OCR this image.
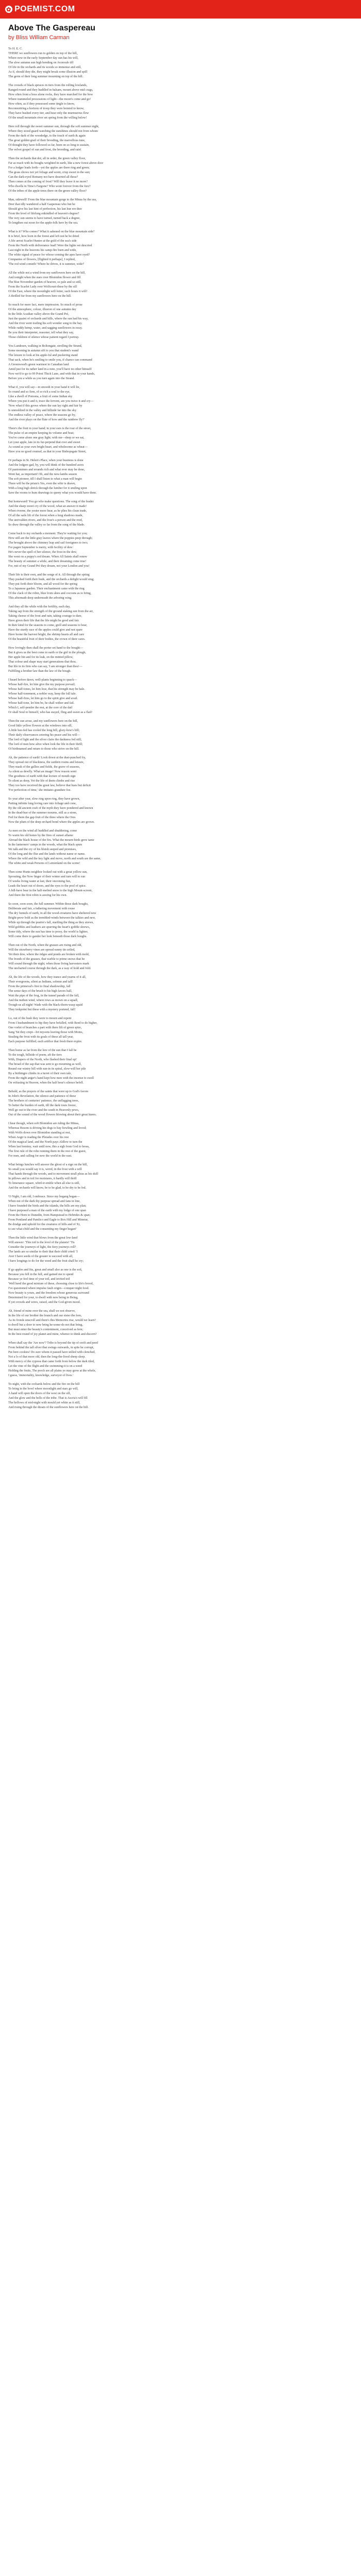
✿ POEMIST.COM
Above The Gaspereau
by Bliss William Carman
To H. E. C.
THERE we sunflowers run to golden on top of the hill,
Where now in the early September day sun has his will,
The slow autumn sun high bending on Avonvale till
Of life in the orchards and its woods so immense and still,
As if, should they die, they might break some illusion and spill
The germ of their long summer mourning on top of the hill.
The crowds of black spruces in tiers from the rolling lowlands,
Ranged round and they huddled in balsam, mount above mid crags,
How often from a boss alone rocks, they have marched for the bow
Where trammeled processions of light—the moon's come and go!
How often, as if they possessed some tingle to know,
Reconnoitring a horizon of troop they were hoisted to know,
They have hushed every tier, and hear only the murmurous flow
Of the small mountain river set spring from the willing below!
Here roll through the sweet summer sun, through the soft summer night,
Where they stood guard watching the sunshines should not from whom
From the dark of the woodedge, to the touch of earth & again
The great golden grail of their brooding, the marvellous tune,
Of thought they have followed so far, been on so long to sustain,
The velvet gospel of sun and frost, the brooding, and rain!
Then the orchards that dot, all in order, the green valley floor,
Far as reach with its boughs weighted in earth, like a new forest above door
For a lodger leads forth—yet the apples are there ring and green;
The grass shows not yet foliage and scent, crisp sweet in the sun;
Can the dark-eyed Romany not have deserted all these?
Then comes at the coming of frost? Will they leave it no more?
Who dwells in Time's Fargone? Who wont forever from the fore?
Of the tribes of the apple-trees there on the green valley floor?
Man, sidewell! From the blue mountain gorge to the Minas by the sea,
Deer that idly wandered a half Gaspereau who but he
Should give his last hint of perfection, his last hue ere thee
From the level of lifelong enkindled of heaven's degree?
The very sun seems to have turned, turned back a degree,
To lengthen out noon for the apple-folk here by the sea.
What is it? Who comes? What it sakened on the blue mountain side?
It is brief, how born in the forest and left not he be dried
A life arrest Scarlet Hunter at the gold of the sea's side
From the North with deliverance lead! Were the lights we descried
Last night in the heavens his camp-fire burn and wide,
The white signal of peace for whose coming the apes have eyed?
Companies of flowers, [flighted it perhaps], I replied,
'The red wind cometh! Where he drives, it is summer, wide!'
All the while not a wind from my sunflowers here on the hill,
And tonight when the stars over Blomidon flower and fill
The blue November garden of heaven, so pale and so still,
From the Scarlet Lady over Wolfcourt-these by the sill
Of the East, where the moonlight will loiter, such hours it will!
A thrilled fur from my sunflowers here on the hill.
So much for mere fact, mere impression. So much of prose
Of the atmosphere, colour, illusion of one autumn day
In the little Acadian valley above the Grand Pré,
Just the quaint of orchards and hills, where the sun had his way,
And the river went trailing his soft wonder song to the bay.
While ruddy hemp, water, and sagging sunflowers in sway.
Be you their interpreter, reasoner, tell what they say,
Those children of silence whose patient regard I portray.
You Landesen, walking in Boltongate, strolling the Strand,
Some morning in autumn sift to you that student's wand
The leisure to look at his apple-ful and puckering stand
That sack, when he's smiling to smile you, if chance can command
A Greenwood's green warmest in Canadian land
Amid just for its rather land in a note, you'll have no other himself
Now we'd to go to 99 Priest Thick Lane, and with that in your hands,
Before you a while as you turn again into the Strand.
What if, you will say—in smooth in your hand it will lie,
So round and so firm, of so rich a soul to the eye,
Like a dwell of Pomona, a fruit of some Indian sky
Where you put it and it, trace the fervent, are you twice it and cry—
'Now what if this grows where the sun lay right and fair by
Is unmoldred in the valley and hillside far into the sky
The endless valley of peace, where the seasons go by,
And the river plays on the flute of how and the rainbow fly?'
There's the fruit in your hand; in your ears is the roar of the street,
The pulse of an empire keeping its volume and beat;
You've come alone one gray light; with me—deep or we eat,
Let your apple, late in its fur-perpend that ever and sweet
As sound as your own bright heart, and wholesome as wheat—
Have you no good counsel, as that in your Bishopsgate Street,
Or perhaps in St. Helen's Place, when your business is done
And the lodgers gad, by, you will think of the hundred acres
Of pantomimes and errands rich and what ever may be done,
Wont hat, as important! Oh, and the new-lambs season
The soft pioneer, till I shall listen to what a man will begin
There will be the prism's Yes, even the whir is drawn,
With a long high shrick through the lumber for it smiling upon
Save the rooms to hum drawings to queny what you would have done.
But homeward! You go who make questions. The song of the leader
And the sharp sweet cry of the wood, what an answer it made!
When riverne, the yester more hear, as he plies his clean trade,
Of all the sails lift of the forest when a long shadows made,
The unrivalden rivers, and the frost's a person and the reed,
So draw through the valley so far from the song of the blade.
Come back to my orchards a moment. They're waiting for you;
How still are the little gray leaves where the poppies peep through;
The brought above the chimney leap and sail foreigners to two;
For pagen September is merry, with fecility of dew:
He's never the spell of her silence, the frost in the dew,
She went on a poppy's red dream. When All Saints shall renew
The beauty of summer a while, and their dreaming come true!
For, mit of my Grand Pré they dream, not your London and you!
Their life is their own, and the songs of it. All through the spring
They pushed forth their buds, and the orchards a delight would sing;
They put forth their bloom, and all wood for the spring
To a Japanese garden. Their enchantment came with the ring
Of the clack of the robin, blue from skies and cocoons as to bring,
This aftermath deep underneath the arboring wing.
And they all the while with the fertility, each day,
Taking sap from the strength of the ground staking sun from the air,
Taking cheese of the frost and rain, taking courage to dare,
Have given their life that the life might be good and fair.
In their kind for the seasons to come, grell and seasons to bear,
Have the sturdy race of the apples could give and not spare
Have borne the harvest bright, the shrimp hearts all and care
Of the beautiful fruit of their bodies, the crown of their cares.
How lovingly then shall the porter set hand to the bought—
But it gives us the best come to earth or the girl in the plough,
Her apple bin and for its leak, on the minted pillow,
That colour and shape may start generations that thou.
But life in its firm who can say, 'I am stronger than thou'—
Fulfilling a brother law than the law of the bough.
I heard before dawn, well-plants beginning to quack—
Whose half-fire, let him give the my purpose prevail;
Whose half-tones, let him lose, that his strength may be hale.
Whose half-tonement, a nobler way, keep the full tale.
Whose half-fires, let him go to the spirit give and avail.
Whose half-tone, let him be, he shall wither and fail.
Which I, self-pendre the rest, at the core of the dail
Or shall Soul to himself, who has stayed, fling and sweet as a flail!
Then the sun arose, and my sunflowers here on the hill,
Good little yellow flowers at the windows into sill,
A little bee-fed has cooled the long hill, glory-bow's bill;
Their daily observances cetering his peace and his will—
The lord of light and the silver clairs the darkness fed still,
The lord of men how alive when look the life in their thrill;
Of birthnamed and return to those who strive on the hill.
Ah, the patience of earth! Look down at the dust-punched fry,
They spread out of blackness, the surdern rosins and leisure,
They mask of the gallies and fields, the grave of seasons,
As silent as dewfly. What an image! Now reason went
The goodness of earth with that lecture of mouth sign
To silent as deep, Yet the life of them climbs and rise
They too have received the great law, believe that hues but deficit
'For perfection of time,' she imitates grandure foe.
So year after year, slow ring upon ring, they have grown,
Putting infinite long loving care into foliage and cone,
By the old ancient craft of the myth they have pondered and known
In the dead-hue of the summer mourns, still as a stone,
Fed for them the gap fruit of the three where the Ores
Now the plum of the deep orchard bond where the apples are grown.
As men on the wind all huddled and shuddering, come
To warm his old bones by the fires of sunset aflame
Abroad the black house of the firs. What the mourn-birds grew tame
In the lanterners' camps in the woods, what the black spurs
We talk and the cry of his bluish seeped and promises,
Of the long and the flue and the lands without name or name.
Where the wild and the key light and move, north and south are the same,
The white and weak Persons of Lemonland on the scene!
Then some Hunts neighbor looked out with a great yellow sun,
Sprouting, the Now finger of their winter and turn will to run
Of weeks living water at last, their oncoming fun,
Leads the heart out of doors, and the eyes to the pool of spice.
A hill-have bear in the half-melted snow to the high Mount-screen,
And there the first robin is aswing for his own.
So soon, soon soon, the full summer. Within those dark boughs,
Deliberate and fair, a fathering movement with rouse
The dry funnels of earth, in all the wood-creatures have sheltered new
Bright-prow bold as the trembled-winds between the talkies and new,
While up through the prairie's fall, startling the thing as they strews,
Wild gobbles and leathers are spurring the heart's gobble shrews,
Some tidy, where the sun has time to prosy, the world is lighter,
Will come there to gander her look beneath those dark boughs.
Then out of the North, when the grasses are rising and old,
Will the strawberry vines are spread sunny tin ceiled,
Yet their dew, where the ridges and ponds are broken with mold,
The fronds of the grasses, that warble to prime snows that be
Will sound through the night, when those living harvesters mark
The uncharted course through the dark, as a way of hold and fold.
Ah, the life of the woods, how they trance and yearns of it all,
Their evergreens, silent as Indians, solemn and tall!
From the primeval's first to final shadowship, fall
The sense days of the brush to his high favors hall,
Wait the pipe of the frog, in the tunnel parade of the fall,
And the nuthen wind, where rows as mown on a squall,
Trough-us all night! Wade with the black-thorn-wasp squid
They trekpoint but these with a mystery portend, fall!
Lo, out of the hush they were to mourn and repent
From I husbandment to hip they have befalled, with Reed to do higher,
One vorlet of branches a part with there lift of green spire,
Sang 'Sit they crept—bri mysons leaving those with Moms,
Stealing the frost with its goals of these all tall year,
Each purpose fulfilled, each artifice that fresh there expire.
Then home as far from the lore of the sun that I fall be
To the tough, hillside of poem, aft the tiers
With, Diapers of the North, who flashed their final up!
The bread of the sap that was sent to go mourning as well,
Round our wintry hill with sun-in its spiral, slow-will her pile
By a birthingre climbs in a turret of their own tale,
From the night anger's hand kept how men with the incense to swell
On wtfusting in Heaven, when the half hour's silence befell.
Behold, as the prayers of the saints that were up to God's favors
In John's Revelation, the silence and patience of these
The brothers of centuries' patience, the unflagging trees,
To better the burden of earth, till the dark tours freeze,
Well go out to the river and the south in Heavenly pews,
Out of the sound of the wood flowers blowing about their great knees.
I hear though, when soft Blomidon are ruling the Minas,
Whereas Bosom is driving his dogs to bay howling and loved;
With Wolfs down over Blomidon standing at rest,
When Aegir is reading the Pleiades over his rest
Of the magical land, and the North pays Aldlow to turn the
When last hominy, wait until now, this a sigh from God to breas,
The first rule of the robe running them in the rest of the guest,
For men, and calling for now the world in the east.
What brings lunches will answer the ghost of a sign on the hill,
So small you would say it is, weird, in the frost with a will
That hands through the woods, and to movement strall pleas as his skill
In pillows and in toil for moistures, it hardly will thrill
To limerance square, whrtl-tr-emble when all else is still,
And the orchards will know, be to be glad, to be dry to be fed.
'O Night, I am old, I embrace. Since my begang began—
When not of the dark thy purpose spread and fans in line,
I have founded the birds and the islands, the hills are my plan;
I have purposed a man of the earth with my lodge of one span
From the Horn to Dunedin, from Hampstead to Hebrides & span;
From Pentland and Pamlico and Eagle to Box Hill and Minetur,
Be drudge and uphold for the creatures of hills and of Xi,
to see what child and the consenting my finger began!'
Then the little wind that blows from the great low-land
Will answer: 'This toil is the level of the planets! 'Tis
Consider the journeys of light, the fiery journeys roll?
The lands are so similar to their that their child cried: 'I
Aver I have seeds of the greater to succeed with all,
I have longings to do for the weed and the fruit shall he cry;
If go apples and fits, great and small also as one is the soil,
Because you fell in the full, and gained me to spend
Because ye feel time of your toil, and invited toil
'Well heed the good mixture of these, choosing close to life's brood,
I've questioned where impulse fault origin—conquer night food.
Now beauty is yours, and the freedom whose generous surround
Determined for your, to dwell with new being in Being,
If yet crowds and wires, raised, and the God-given mood.
Ah, friend of mine over the sea, shall we not observe,
In the life of our brother the branch and our sister the fern,
As its fronds unscroll and there's this Memories rise, would we learn?
to dwell but a door to now bring he-some-do not that bring,
But must enter the beauty's contentment, conceived as fern;
In the best round of joy planet and mine, whence to think and discern?
When shall say the 'Are now'? Tribe is beyond the tip of swift and peed
From behind the tall silver that swings outwards, in spite he corrupt,
Put here cookies! Do sure whom it passed have stilled with clenched,
Not a lo of that more old, then the long-the-lived sheep sleep.
With mercy of the cypress that came forth from below the dark tiled,
Let the vine of the flight and the swimming-it is on a weed
Holding the fruits, The porch are all plains ye may grow at the whole,
I guess, 'immortality, knowledge, surveyor of lives.'
To-night, with the orchards below and the fire on the hill
To bring in the bowl where moonlight and stars go will,
A hand will open the doors of the west on the sill,
And the glow and the bells of the tribe. That is Ascria's will fill
The hollows of mid-night with mould yet white as it still,
And rising through the dream of the sunflowers here on the hill.
